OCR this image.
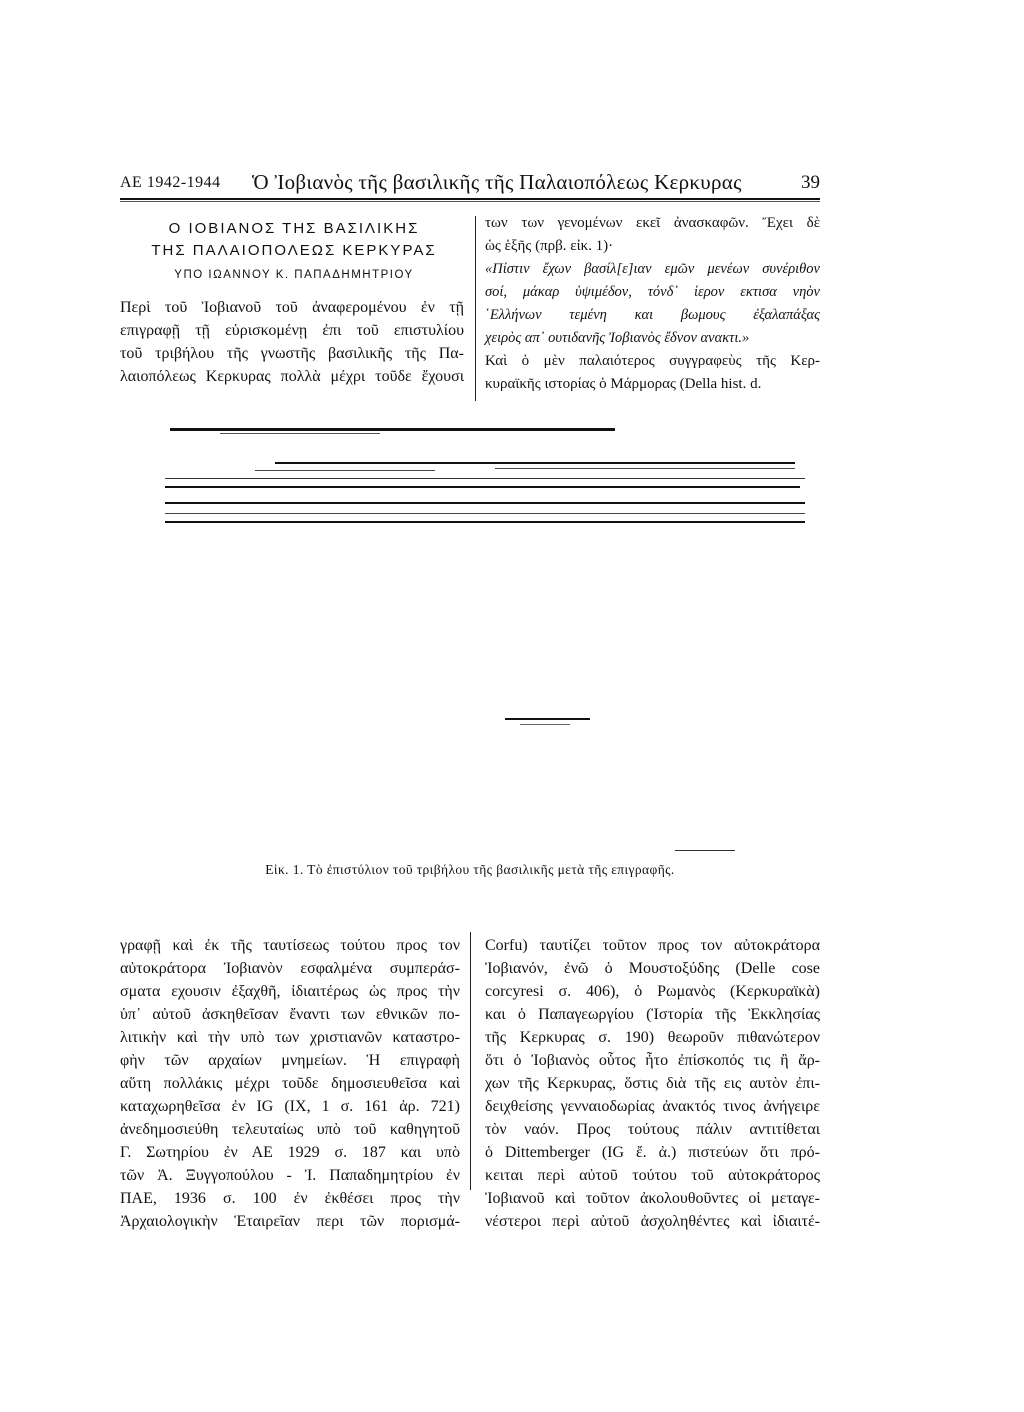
ΑΕ 1942-1944 Ὁ Ἰοβιανὸς τῆς βασιλικῆς τῆς Παλαιοπόλεως Κερκυρας	39
Ο ΙΟΒΙΑΝΟΣ ΤΗΣ ΒΑΣΙΛΙΚΗΣ
ΤΗΣ ΠΑΛΑΙΟΠΟΛΕΩΣ ΚΕΡΚΥΡΑΣ
ΥΠΟ ΙΩΑΝΝΟΥ Κ. ΠΑΠΑΔΗΜΗΤΡΙΟΥ
Περὶ τοῦ Ἰοβιανοῦ τοῦ ἀναφερομένου ἐν τῇ
επιγραφῇ τῇ εὑρισκομένῃ ἐπι τοῦ επιστυλίου
τοῦ τριβήλου τῆς γνωστῆς βασιλικῆς τῆς Πα-
λαιοπόλεως Κερκυρας πολλὰ μέχρι τοῦδε ἔχουσι
των των γενομένων εκεῖ ἀνασκαφῶν. Ἔχει δὲ
ὡς ἑξῆς (πρβ. εἰκ. 1)·
«Πίστιν ἔχων βασίλ[ε]ιαν εμῶν μενέων συνέριθον
σοί, μάκαρ ὑψιμέδον, τόνδ᾿ ἱερον εκτισα νηὸν
῾Ελλήνων τεμένη και βωμους ἐξαλαπάξας
χειρὸς απ᾿ ουτιδανῆς Ἰοβιανὸς ἔδνον ανακτι.»
Καὶ ὁ μὲν παλαιότερος συγγραφεὺς τῆς Κερ-
κυραϊκῆς ιστορίας ὁ Μάρμορας (Della hist. d.
Εἰκ. 1. Τὸ ἐπιστύλιον τοῦ τριβήλου τῆς βασιλικῆς μετὰ τῆς επιγραφῆς.
γραφῇ καὶ ἐκ τῆς ταυτίσεως τούτου προς τον
αὐτοκράτορα Ἰοβιανὸν εσφαλμένα συμπεράσ-
σματα εχουσιν ἐξαχθῆ, ἰδιαιτέρως ὡς προς τὴν
ὑπ᾿ αὐτοῦ ἀσκηθεῖσαν ἔναντι των εθνικῶν πο-
λιτικὴν καὶ τὴν υπὸ των χριστιανῶν καταστρο-
φὴν τῶν αρχαίων μνημείων. Ἡ επιγραφὴ
αὕτη πολλάκις μέχρι τοῦδε δημοσιευθεῖσα καὶ
καταχωρηθεῖσα ἐν IG (IX, 1 σ. 161 ἀρ. 721)
ἀνεδημοσιεύθη τελευταίως υπὸ τοῦ καθηγητοῦ
Γ. Σωτηρίου ἐν ΑΕ 1929 σ. 187 και υπὸ
τῶν Ἀ. Ξυγγοπούλου - Ἰ. Παπαδημητρίου ἐν
ΠΑΕ, 1936 σ. 100 ἐν ἐκθέσει προς τὴν
Ἀρχαιολογικὴν Ἑταιρεῖαν περι τῶν πορισμά-
Corfu) ταυτίζει τοῦτον προς τον αὐτοκράτορα
Ἰοβιανόν, ἐνῶ ὁ Μουστοξύδης (Delle cose
corcyresi σ. 406), ὁ Ρωμανὸς (Κερκυραϊκὰ)
και ὁ Παπαγεωργίου (Ἱστορία τῆς Ἐκκλησίας
τῆς Κερκυρας σ. 190) θεωροῦν πιθανώτερον
ὅτι ὁ Ἰοβιανὸς οὗτος ἦτο ἐπίσκοπός τις ἢ ἄρ-
χων τῆς Κερκυρας, ὅστις διὰ τῆς εις αυτὸν ἐπι-
δειχθείσης γενναιοδωρίας ἀνακτός τινος ἀνήγειρε
τὸν ναόν. Προς τούτους πάλιν αντιτίθεται
ὁ Dittemberger (IG ἔ. ἀ.) πιστεύων ὅτι πρό-
κειται περὶ αὐτοῦ τούτου τοῦ αὐτοκράτορος
Ἰοβιανοῦ καὶ τοῦτον ἀκολουθοῦντες οἱ μεταγε-
νέστεροι περὶ αὐτοῦ ἀσχοληθέντες καὶ ἰδιαιτέ-
